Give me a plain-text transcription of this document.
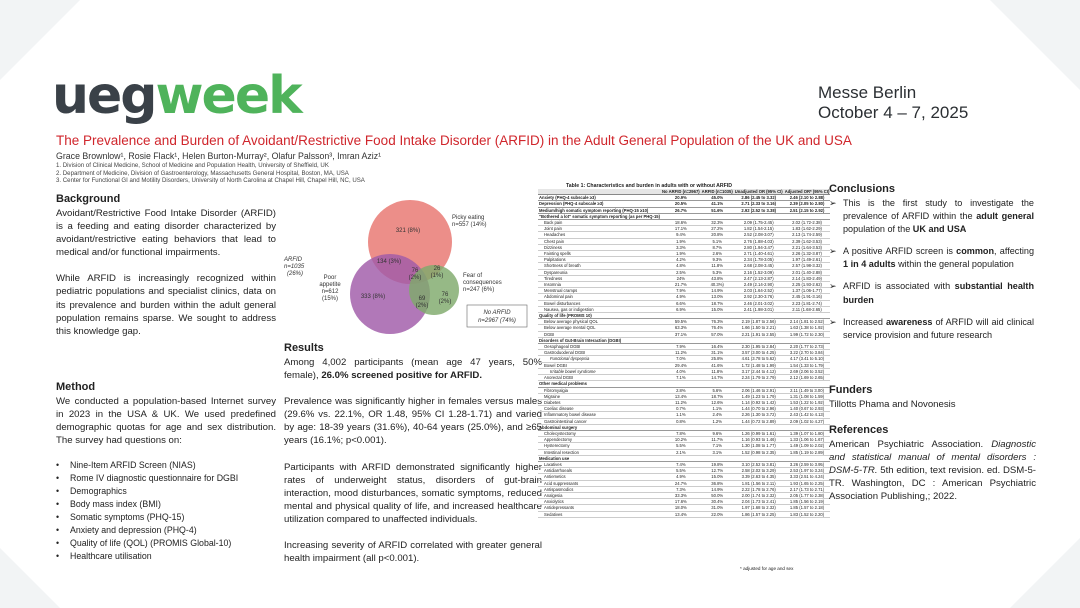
uegweek	Messe Berlin
October 4 – 7, 2025
The Prevalence and Burden of Avoidant/Restrictive Food Intake Disorder (ARFID) in the Adult General Population of the UK and USA
Grace Brownlow¹, Rosie Flack¹, Helen Burton-Murray², Olafur Palsson³, Imran Aziz¹
1. Division of Clinical Medicine, School of Medicine and Population Health, University of Sheffield, UK
2. Department of Medicine, Division of Gastroenterology, Massachusetts General Hospital, Boston, MA, USA
3. Center for Functional GI and Motility Disorders, University of North Carolina at Chapel Hill, Chapel Hill, NC, USA
Background

Avoidant/Restrictive Food Intake Disorder (ARFID) is a feeding and eating disorder characterized by avoidant/restrictive eating behaviors that lead to medical and/or functional impairments.

While ARFID is increasingly recognized within pediatric populations and specialist clinics, data on its prevalence and burden within the adult general population remains sparse. We sought to address this knowledge gap.

Method

We conducted a population-based Internet survey in 2023 in the USA & UK. We used predefined demographic quotas for age and sex distribution. The survey had questions on:

• Nine-Item ARFID Screen (NIAS)
• Rome IV diagnostic questionnaire for DGBI
• Demographics
• Body mass index (BMI)
• Somatic symptoms (PHQ-15)
• Anxiety and depression (PHQ-4)
• Quality of life (QOL) (PROMIS Global-10)
• Healthcare utilisation
321 (8%)
134 (3%)
76
(2%)
26
(1%)
333 (8%)	69
(2%)
76
(2%)
Picky eating
n=557 (14%)
Fear of
consequences
n=247 (6%)
ARFID
n=1035
(26%)
Poor
appetite
n=612
(15%)
No ARFID
n=2967 (74%)
Results

Among 4,002 participants (mean age 47 years, 50% female), 26.0% screened positive for ARFID.

Prevalence was significantly higher in females versus males (29.6% vs. 22.1%, OR 1.48, 95% CI 1.28-1.71) and varied by age: 18-39 years (31.6%), 40-64 years (25.0%), and ≥65 years (16.1%; p<0.001).

Participants with ARFID demonstrated significantly higher rates of underweight status, disorders of gut-brain interaction, mood disturbances, somatic symptoms, reduced mental and physical quality of life, and increased healthcare utilization compared to unaffected individuals.

Increasing severity of ARFID correlated with greater general health impairment (all p<0.001).

Table 1: Characteristics and burden in adults with or without ARFID
	No ARFID (n=2967)	ARFID (n=1035)	Unadjusted OR (95% CI)	Adjusted OR* (95% CI)
Anxiety (PHQ-4 subscale ≥3)	20.9%	45.0%	2.86 (2.45 to 3.32)	2.46 (2.10 to 2.88)
Depression (PHQ-4 subscale ≥3)	20.5%	41.1%	2.71 (2.33 to 3.16)	2.39 (2.05 to 2.80)
Medium/high somatic symptom reporting (PHQ-15 ≥10)	26.7%	51.6%	2.92 (2.52 to 3.38)	2.51 (2.15 to 2.92)
"Bothered a lot" somatic symptom reporting (as per PHQ-15)				
Back pain	18.6%	32.3%	2.09 (1.75-2.45)	2.02 (1.72-2.38)
Joint pain	17.1%	27.2%	1.82 (1.54-2.15)	1.83 (1.62-2.29)
Headaches	9.4%	20.8%	2.52 (2.08-3.07)	2.13 (1.74-2.59)
Chest pain	1.9%	5.1%	2.76 (1.88-4.03)	2.39 (1.62-3.53)
Dizziness	3.3%	8.7%	2.80 (1.94-3.47)	2.21 (1.64-3.53)
Fainting spells	1.9%	2.6%	2.71 (1.40-4.61)	2.26 (1.32-3.87)
Palpitations	4.2%	9.3%	2.34 (1.78-3.05)	1.97 (1.49-2.61)
Shortness of breath	4.8%	11.8%	2.68 (2.08-3.45)	2.57 (1.98-3.32)
Dyspareunia	2.5%	5.3%	2.16 (1.52-3.09)	2.01 (1.40-2.88)
Tiredness	24%	43.8%	2.47 (2.13-2.87)	2.14 (1.83-2.49)
Insomnia	21.7%	40.3%)	2.49 (2.14-2.90)	2.25 (1.93-2.62)
Menstrual cramps	7.9%	14.9%	2.03 (1.64-2.52)	1.37 (1.06-1.77)
Abdominal pain	4.9%	13.0%	2.92 (2.30-3.76)	2.45 (1.91-3.16)
Bowel disturbances	6.6%	18.7%	2.46 (2.01-3.02)	2.23 (1.81-2.74)
Nausea, gas or indigestion	6.9%	15.0%	2.41 (1.98-3.01)	2.11 (1.68-2.65)
Quality of life (PROMIS 10)				
Below average physical QOL	59.5%	76.3%	2.19 (1.87 to 2.56)	2.14 (1.81 to 2.52)
Below average mental QOL	63.3%	76.4%	1.66 (1.50 to 2.21)	1.63 (1.38 to 1.92)
DGBI	37.1%	57.0%	2.21 (1.91 to 2.55)	1.99 (1.72 to 2.30)
Disorders of Gut-Brain Interaction (DGBI)				
Oesophageal DGBI	7.9%	16.4%	2.30 (1.95 to 2.84)	2.20 (1.77 to 2.73)
Gastroduodenal DGBI	11.2%	31.1%	3.57 (3.00 to 4.25)	3.22 (2.70 to 3.84)
Functional dyspepsia	7.0%	25.8%	4.61 (3.78 to 5.62)	4.17 (3.41 to 5.10)
Bowel DGBI	29.4%	41.6%	1.72 (1.48 to 1.99)	1.54 (1.33 to 1.79)
Irritable bowel syndrome	4.0%	11.8%	3.17 (2.44 to 4.12)	2.69 (2.06 to 3.52)
Anorectal DGBI	7.1%	14.7%	2.24 (1.79 to 2.79)	2.12 (1.69 to 2.65)
Other medical problems				
Fibromyalgia	2.8%	5.6%	2.06 (1.46 to 2.91)	2.11 (1.49 to 3.00)
Migraine	13.4%	18.7%	1.49 (1.23 to 1.79)	1.31 (1.08 to 1.59)
Diabetes	11.2%	12.6%	1.14 (0.92 to 1.42)	1.53 (1.22 to 1.92)
Coeliac disease	0.7%	1.1%	1.44 (0.70 to 2.96)	1.40 (0.67 to 2.93)
Inflammatory bowel disease	1.1%	2.4%	2.26 (1.30 to 3.72)	2.43 (1.42 to 4.13)
Gastrointestinal cancer	0.8%	1.2%	1.44 (0.72 to 2.89)	2.09 (1.02 to 4.27)
Abdominal surgery				
Cholecystectomy	7.8%	9.6%	1.26 (0.99 to 1.61)	1.39 (1.07 to 1.80)
Appendectomy	10.2%	11.7%	1.16 (0.93 to 1.46)	1.33 (1.06 to 1.67)
Hysterectomy	5.5%	7.1%	1.30 (1.08 to 1.77)	1.49 (1.09 to 2.02)
Intestinal resection	2.1%	3.1%	1.52 (0.98 to 2.35)	1.85 (1.19 to 2.89)
Medication use				
Laxatives	7.4%	19.8%	3.10 (2.52 to 3.81)	3.26 (2.59 to 3.95)
Antidiarrhoeals	5.5%	12.7%	2.58 (2.02 to 3.29)	2.53 (1.97 to 3.24)
Antiemetics	4.9%	15.0%	3.39 (2.63 to 4.35)	3.33 (2.51 to 4.24)
Acid suppressants	24.7%	36.8%	1.81 (1.56 to 2.11)	1.93 (1.65 to 2.25)
Antispasmodics	7.3%	14.9%	2.22 (1.78 to 2.76)	2.17 (1.73 to 2.71)
Analgesia	33.3%	50.0%	2.00 (1.74 to 2.32)	2.05 (1.77 to 2.38)
Anxiolytics	17.6%	30.4%	2.04 (1.73 to 2.41)	1.85 (1.56 to 2.19)
Antidepressants	18.0%	31.0%	1.97 (1.68 to 2.32)	1.85 (1.57 to 2.18)
Sedatives	13.4%	22.0%	1.86 (1.57 to 2.25)	1.83 (1.52 to 2.20)
* adjusted for age and sex
Conclusions
➢ This is the first study to investigate the prevalence of ARFID within the adult general population of the UK and USA
➢ A positive ARFID screen is common, affecting 1 in 4 adults within the general population
➢ ARFID is associated with substantial health burden
➢ Increased awareness of ARFID will aid clinical service provision and future research
Funders

Tillotts Phama and Novonesis

References

American Psychiatric Association. Diagnostic and statistical manual of mental disorders : DSM-5-TR. 5th edition, text revision. ed. DSM-5-TR. Washington, DC : American Psychiatric Association Publishing,; 2022.
